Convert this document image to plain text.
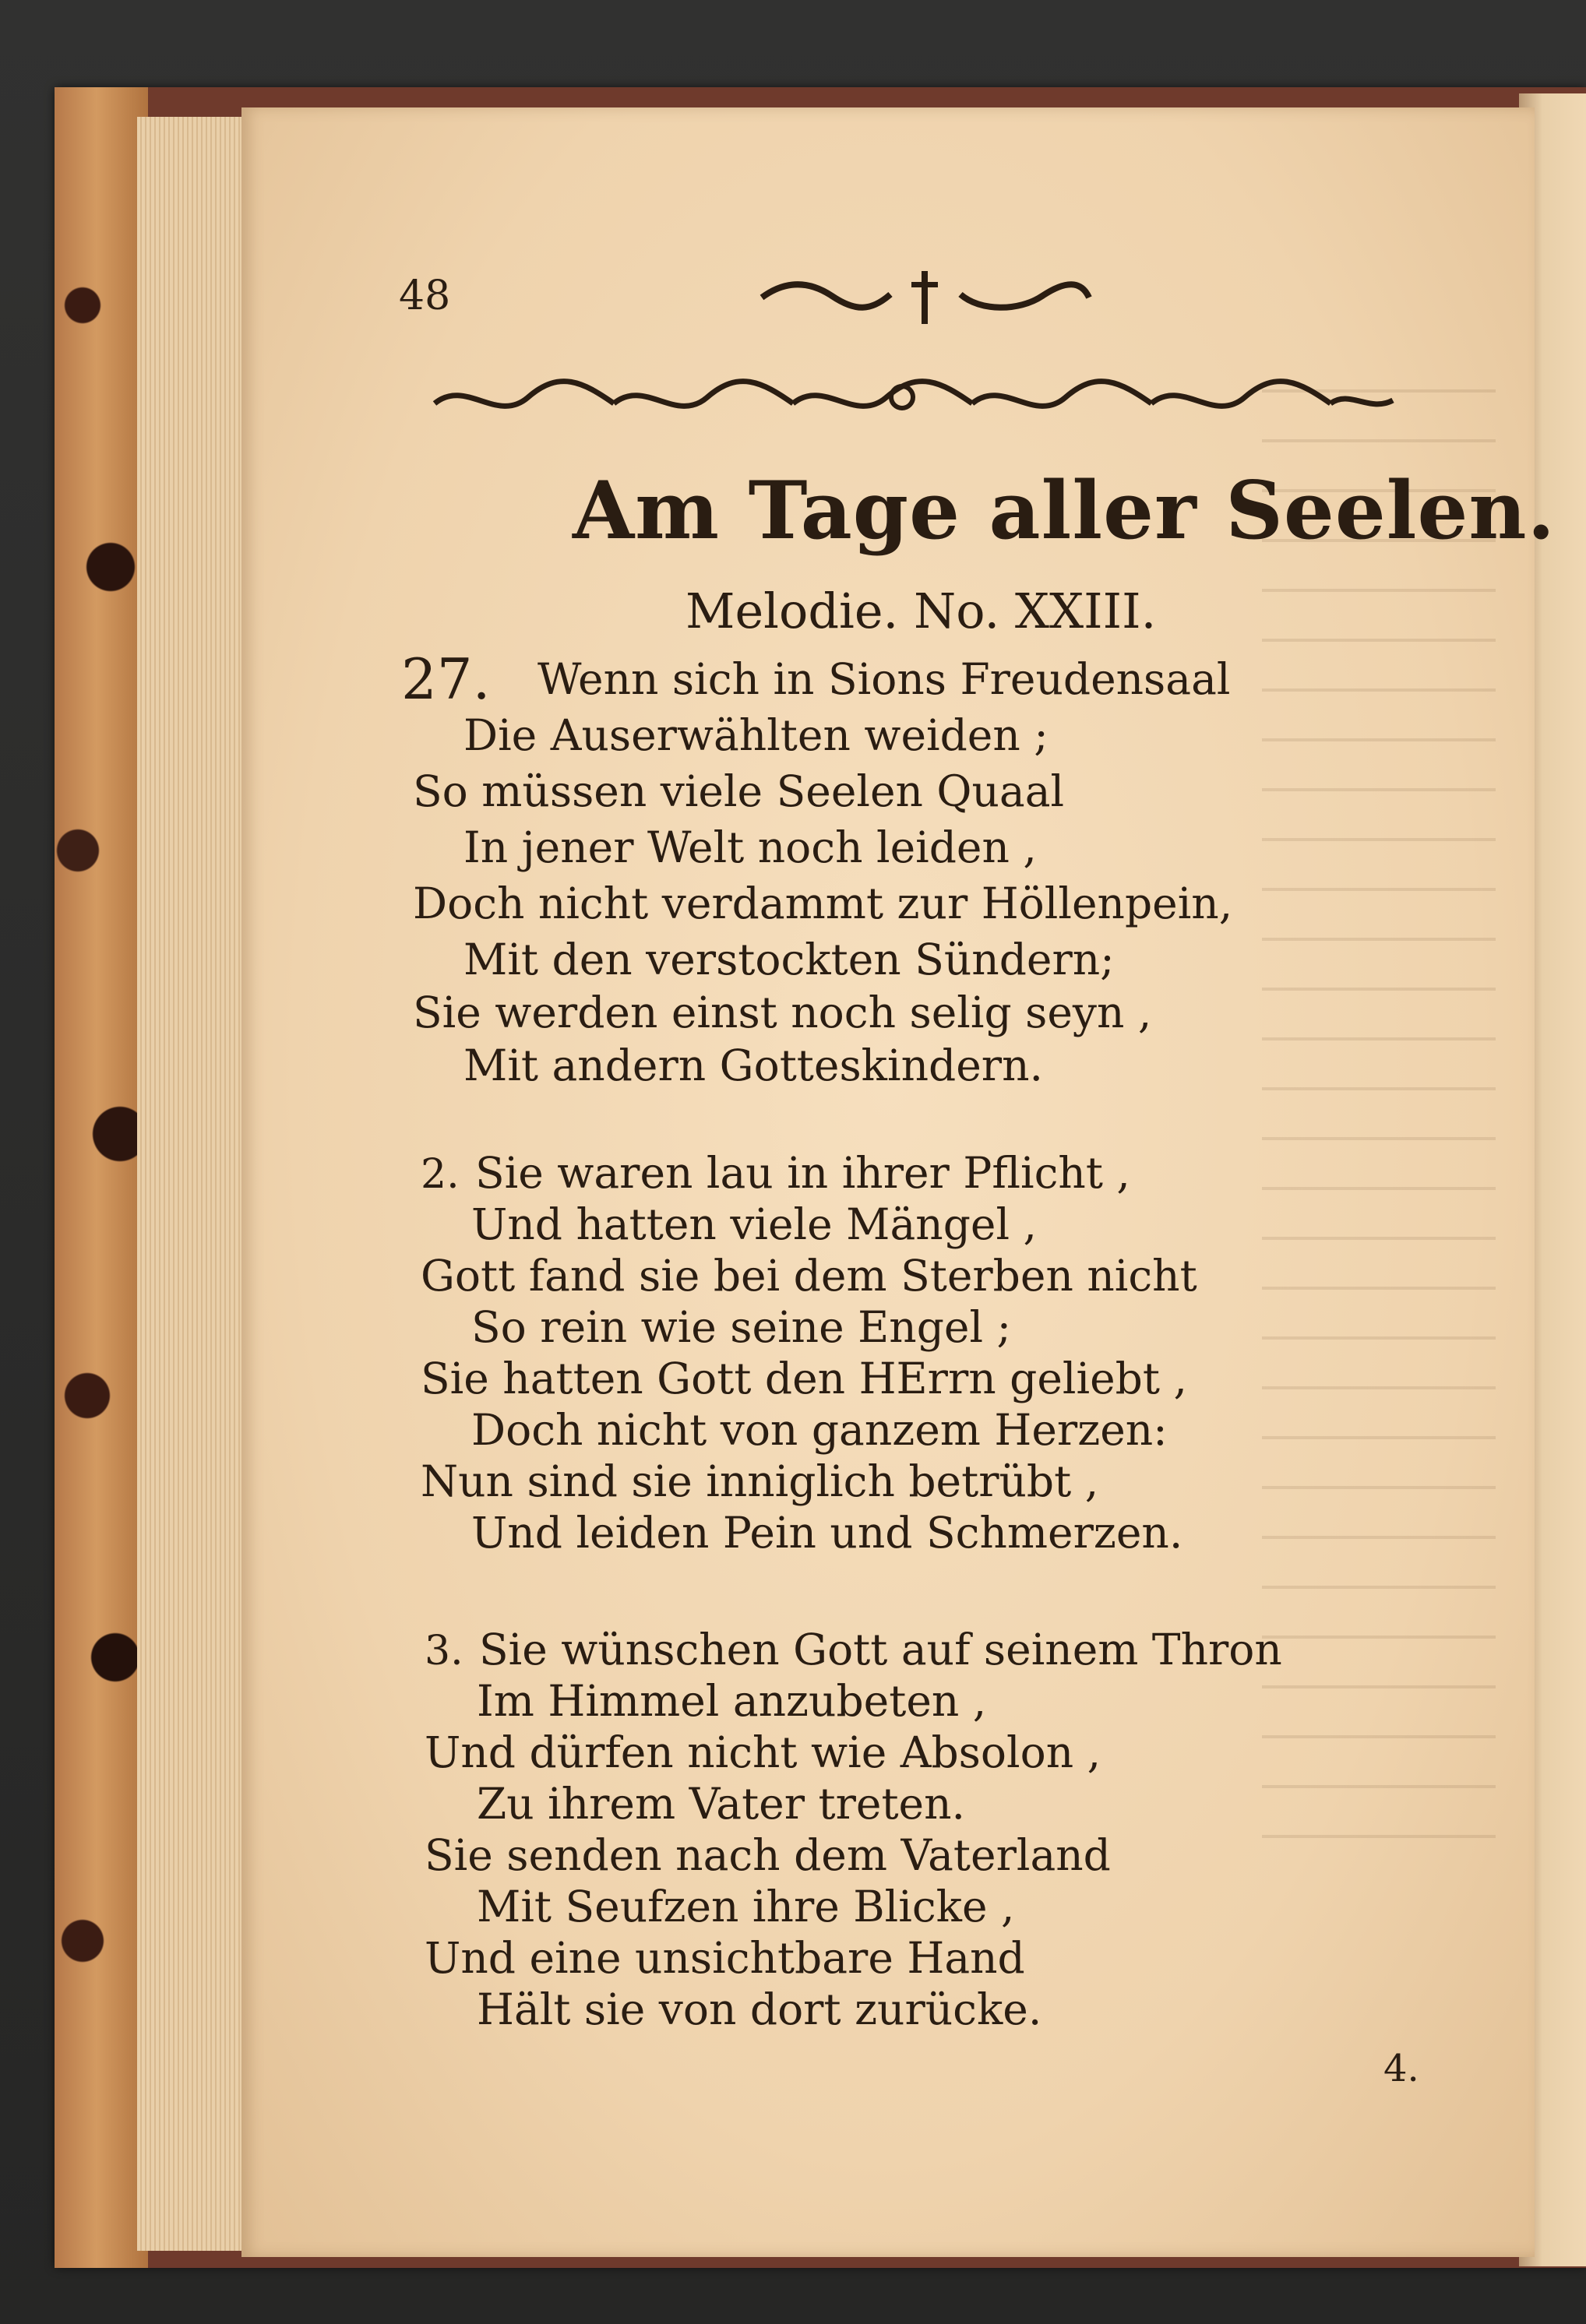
48
Am Tage aller Seelen.
Melodie. No. XXIII.
27. Wenn sich in Sions Freudensaal
Die Auserwählten weiden ;
So müssen viele Seelen Quaal
In jener Welt noch leiden ,
Doch nicht verdammt zur Höllenpein,
Mit den verstockten Sündern;
Sie werden einst noch selig seyn ,
Mit andern Gotteskindern.
2. Sie waren lau in ihrer Pflicht ,
Und hatten viele Mängel ,
Gott fand sie bei dem Sterben nicht
So rein wie seine Engel ;
Sie hatten Gott den HErrn geliebt ,
Doch nicht von ganzem Herzen:
Nun sind sie inniglich betrübt ,
Und leiden Pein und Schmerzen.
3. Sie wünschen Gott auf seinem Thron
Im Himmel anzubeten ,
Und dürfen nicht wie Absolon ,
Zu ihrem Vater treten.
Sie senden nach dem Vaterland
Mit Seufzen ihre Blicke ,
Und eine unsichtbare Hand
Hält sie von dort zurücke.
4.
